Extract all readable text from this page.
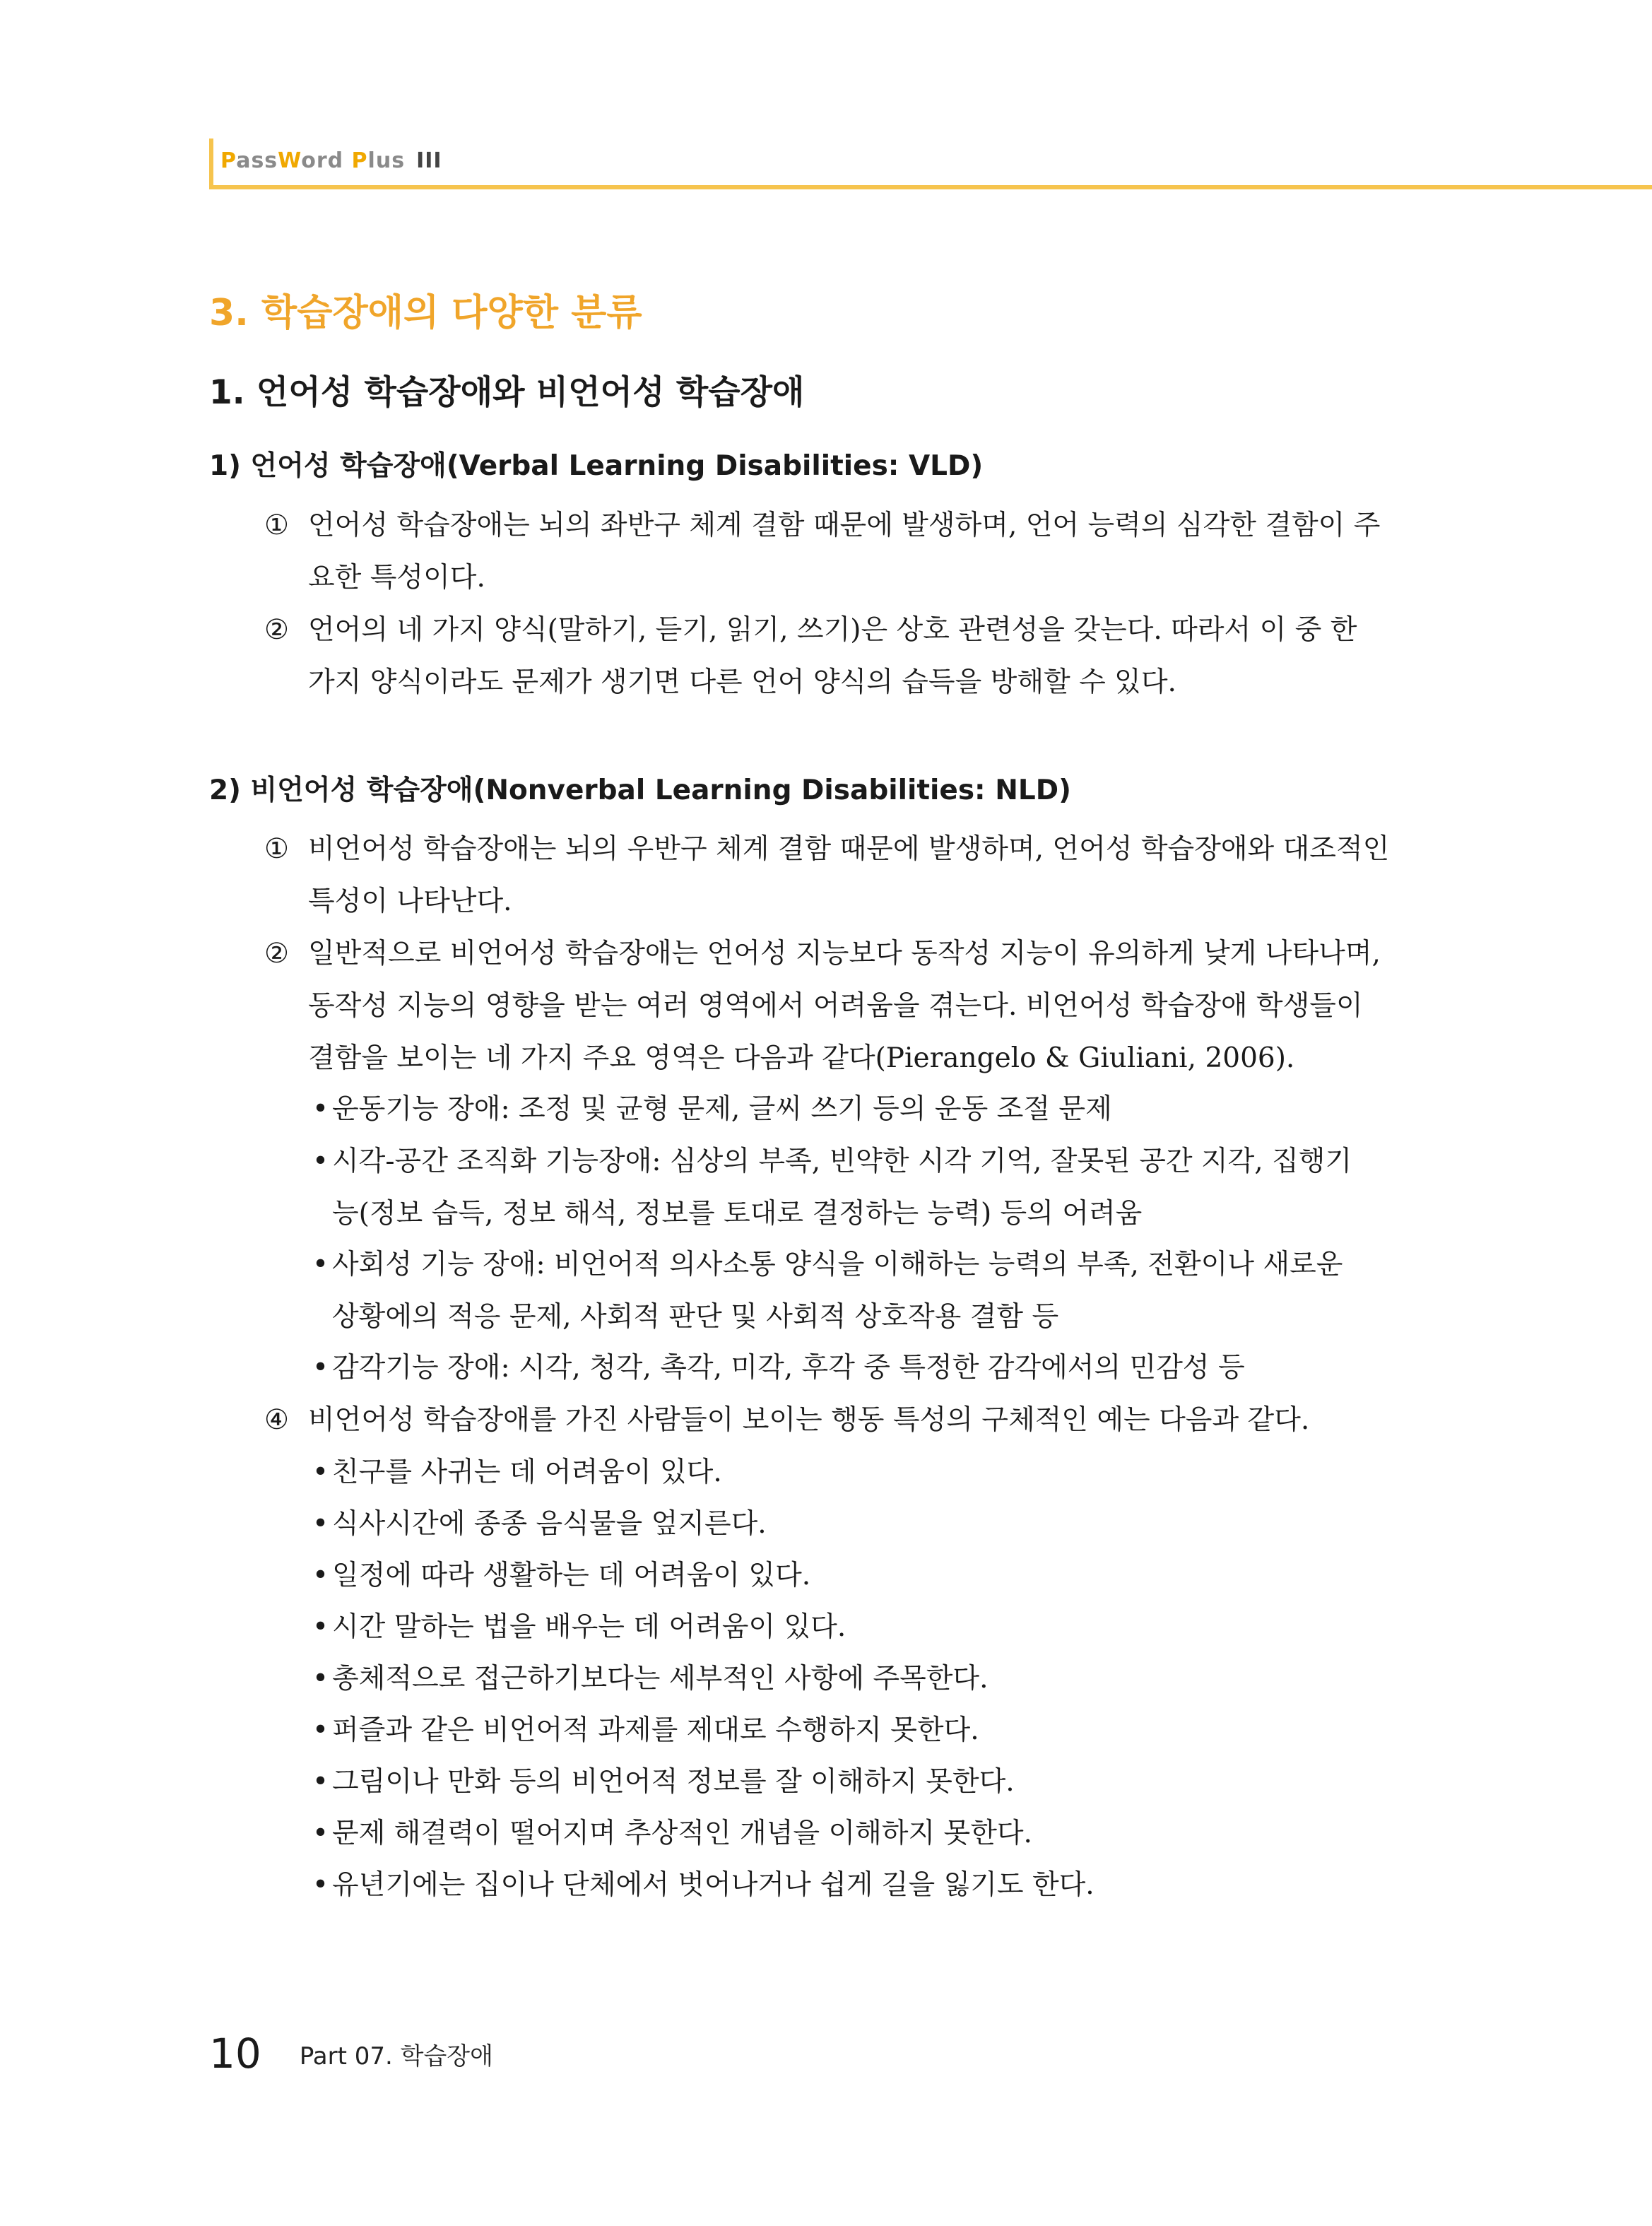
PassWord Plus III
3. 학습장애의 다양한 분류
1. 언어성 학습장애와 비언어성 학습장애
1) 언어성 학습장애(Verbal Learning Disabilities: VLD)
① 언어성 학습장애는 뇌의 좌반구 체계 결함 때문에 발생하며, 언어 능력의 심각한 결함이 주
요한 특성이다.
② 언어의 네 가지 양식(말하기, 듣기, 읽기, 쓰기)은 상호 관련성을 갖는다. 따라서 이 중 한
가지 양식이라도 문제가 생기면 다른 언어 양식의 습득을 방해할 수 있다.
2) 비언어성 학습장애(Nonverbal Learning Disabilities: NLD)
① 비언어성 학습장애는 뇌의 우반구 체계 결함 때문에 발생하며, 언어성 학습장애와 대조적인
특성이 나타난다.
② 일반적으로 비언어성 학습장애는 언어성 지능보다 동작성 지능이 유의하게 낮게 나타나며,
동작성 지능의 영향을 받는 여러 영역에서 어려움을 겪는다. 비언어성 학습장애 학생들이
결함을 보이는 네 가지 주요 영역은 다음과 같다(Pierangelo & Giuliani, 2006).
• 운동기능 장애: 조정 및 균형 문제, 글씨 쓰기 등의 운동 조절 문제
• 시각-공간 조직화 기능장애: 심상의 부족, 빈약한 시각 기억, 잘못된 공간 지각, 집행기
능(정보 습득, 정보 해석, 정보를 토대로 결정하는 능력) 등의 어려움
• 사회성 기능 장애: 비언어적 의사소통 양식을 이해하는 능력의 부족, 전환이나 새로운
상황에의 적응 문제, 사회적 판단 및 사회적 상호작용 결함 등
• 감각기능 장애: 시각, 청각, 촉각, 미각, 후각 중 특정한 감각에서의 민감성 등
④ 비언어성 학습장애를 가진 사람들이 보이는 행동 특성의 구체적인 예는 다음과 같다.
• 친구를 사귀는 데 어려움이 있다.
• 식사시간에 종종 음식물을 엎지른다.
• 일정에 따라 생활하는 데 어려움이 있다.
• 시간 말하는 법을 배우는 데 어려움이 있다.
• 총체적으로 접근하기보다는 세부적인 사항에 주목한다.
• 퍼즐과 같은 비언어적 과제를 제대로 수행하지 못한다.
• 그림이나 만화 등의 비언어적 정보를 잘 이해하지 못한다.
• 문제 해결력이 떨어지며 추상적인 개념을 이해하지 못한다.
• 유년기에는 집이나 단체에서 벗어나거나 쉽게 길을 잃기도 한다.
10 Part 07. 학습장애
